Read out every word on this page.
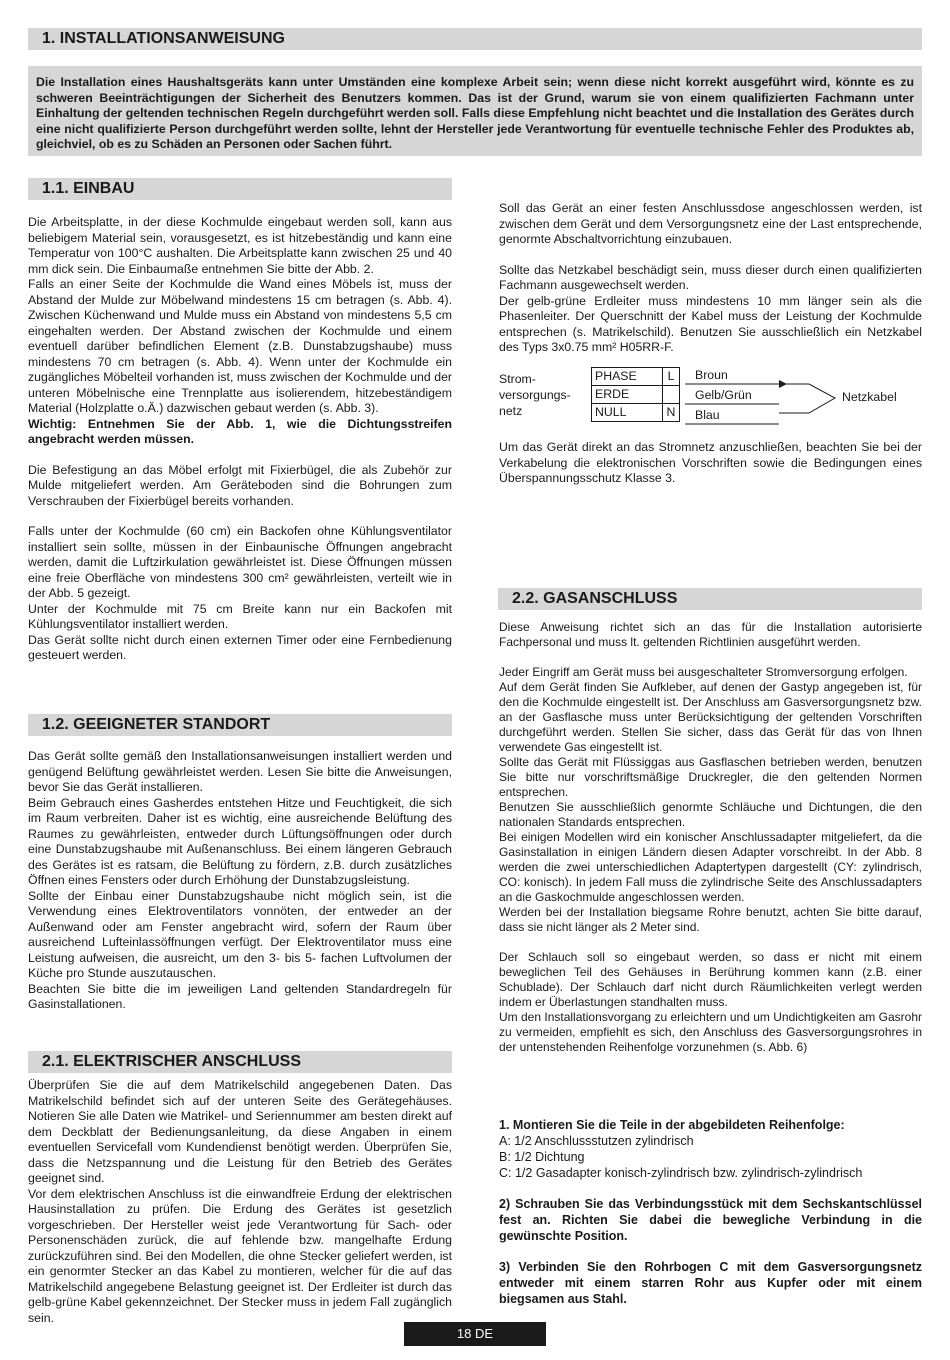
1. INSTALLATIONSANWEISUNG
Die Installation eines Haushaltsgeräts kann unter Umständen eine komplexe Arbeit sein; wenn diese nicht korrekt ausgeführt wird, könnte es zu schweren Beeinträchtigungen der Sicherheit des Benutzers kommen. Das ist der Grund, warum sie von einem qualifizierten Fachmann unter Einhaltung der geltenden technischen Regeln durchgeführt werden soll. Falls diese Empfehlung nicht beachtet und die Installation des Gerätes durch eine nicht qualifizierte Person durchgeführt werden sollte, lehnt der Hersteller jede Verantwortung für eventuelle technische Fehler des Produktes ab, gleichviel, ob es zu Schäden an Personen oder Sachen führt.
1.1. EINBAU

Die Arbeitsplatte, in der diese Kochmulde eingebaut werden soll, kann aus beliebigem Material sein, vorausgesetzt, es ist hitzebeständig und kann eine Temperatur von 100°C aushalten. Die Arbeitsplatte kann zwischen 25 und 40 mm dick sein. Die Einbaumaße entnehmen Sie bitte der Abb. 2.

Falls an einer Seite der Kochmulde die Wand eines Möbels ist, muss der Abstand der Mulde zur Möbelwand mindestens 15 cm betragen (s. Abb. 4). Zwischen Küchenwand und Mulde muss ein Abstand von mindestens 5,5 cm eingehalten werden. Der Abstand zwischen der Kochmulde und einem eventuell darüber befindlichen Element (z.B. Dunstabzugshaube) muss mindestens 70 cm betragen (s. Abb. 4). Wenn unter der Kochmulde ein zugängliches Möbelteil vorhanden ist, muss zwischen der Kochmulde und der unteren Möbelnische eine Trennplatte aus isolierendem, hitzebeständigem Material (Holzplatte o.Ä.) dazwischen gebaut werden (s. Abb. 3).

Wichtig: Entnehmen Sie der Abb. 1, wie die Dichtungsstreifen angebracht werden müssen.

Die Befestigung an das Möbel erfolgt mit Fixierbügel, die als Zubehör zur Mulde mitgeliefert werden. Am Geräteboden sind die Bohrungen zum Verschrauben der Fixierbügel bereits vorhanden.

Falls unter der Kochmulde (60 cm) ein Backofen ohne Kühlungsventilator installiert sein sollte, müssen in der Einbaunische Öffnungen angebracht werden, damit die Luftzirkulation gewährleistet ist. Diese Öffnungen müssen eine freie Oberfläche von mindestens 300 cm² gewährleisten, verteilt wie in der Abb. 5 gezeigt.

Unter der Kochmulde mit 75 cm Breite kann nur ein Backofen mit Kühlungsventilator installiert werden.

Das Gerät sollte nicht durch einen externen Timer oder eine Fernbedienung gesteuert werden.

1.2. GEEIGNETER STANDORT

Das Gerät sollte gemäß den Installationsanweisungen installiert werden und genügend Belüftung gewährleistet werden. Lesen Sie bitte die Anweisungen, bevor Sie das Gerät installieren.

Beim Gebrauch eines Gasherdes entstehen Hitze und Feuchtigkeit, die sich im Raum verbreiten. Daher ist es wichtig, eine ausreichende Belüftung des Raumes zu gewährleisten, entweder durch Lüftungsöffnungen oder durch eine Dunstabzugshaube mit Außenanschluss. Bei einem längeren Gebrauch des Gerätes ist es ratsam, die Belüftung zu fördern, z.B. durch zusätzliches Öffnen eines Fensters oder durch Erhöhung der Dunstabzugsleistung.

Sollte der Einbau einer Dunstabzugshaube nicht möglich sein, ist die Verwendung eines Elektroventilators vonnöten, der entweder an der Außenwand oder am Fenster angebracht wird, sofern der Raum über ausreichend Lufteinlassöffnungen verfügt. Der Elektroventilator muss eine Leistung aufweisen, die ausreicht, um den 3- bis 5- fachen Luftvolumen der Küche pro Stunde auszutauschen.

Beachten Sie bitte die im jeweiligen Land geltenden Standardregeln für Gasinstallationen.

2.1. ELEKTRISCHER ANSCHLUSS

Überprüfen Sie die auf dem Matrikelschild angegebenen Daten. Das Matrikelschild befindet sich auf der unteren Seite des Gerätegehäuses. Notieren Sie alle Daten wie Matrikel- und Seriennummer am besten direkt auf dem Deckblatt der Bedienungsanleitung, da diese Angaben in einem eventuellen Servicefall vom Kundendienst benötigt werden. Überprüfen Sie, dass die Netzspannung und die Leistung für den Betrieb des Gerätes geeignet sind.

Vor dem elektrischen Anschluss ist die einwandfreie Erdung der elektrischen Hausinstallation zu prüfen. Die Erdung des Gerätes ist gesetzlich vorgeschrieben. Der Hersteller weist jede Verantwortung für Sach- oder Personenschäden zurück, die auf fehlende bzw. mangelhafte Erdung zurückzuführen sind. Bei den Modellen, die ohne Stecker geliefert werden, ist ein genormter Stecker an das Kabel zu montieren, welcher für die auf das Matrikelschild angegebene Belastung geeignet ist. Der Erdleiter ist durch das gelb-grüne Kabel gekennzeichnet. Der Stecker muss in jedem Fall zugänglich sein.

Soll das Gerät an einer festen Anschlussdose angeschlossen werden, ist zwischen dem Gerät und dem Versorgungsnetz eine der Last entsprechende, genormte Abschaltvorrichtung einzubauen.

Sollte das Netzkabel beschädigt sein, muss dieser durch einen qualifizierten Fachmann ausgewechselt werden.

Der gelb-grüne Erdleiter muss mindestens 10 mm länger sein als die Phasenleiter. Der Querschnitt der Kabel muss der Leistung der Kochmulde entsprechen (s. Matrikelschild). Benutzen Sie ausschließlich ein Netzkabel des Typs 3x0.75 mm² H05RR-F.

Strom-
versorgungs-
netz
PHASE	L
ERDE	
NULL	N
Broun
Gelb/Grün
Blau
Netzkabel

Um das Gerät direkt an das Stromnetz anzuschließen, beachten Sie bei der Verkabelung die elektronischen Vorschriften sowie die Bedingungen eines Überspannungsschutz Klasse 3.

2.2. GASANSCHLUSS

Diese Anweisung richtet sich an das für die Installation autorisierte Fachpersonal und muss lt. geltenden Richtlinien ausgeführt werden.

Jeder Eingriff am Gerät muss bei ausgeschalteter Stromversorgung erfolgen.

Auf dem Gerät finden Sie Aufkleber, auf denen der Gastyp angegeben ist, für den die Kochmulde eingestellt ist. Der Anschluss am Gasversorgungsnetz bzw. an der Gasflasche muss unter Berücksichtigung der geltenden Vorschriften durchgeführt werden. Stellen Sie sicher, dass das Gerät für das von Ihnen verwendete Gas eingestellt ist.

Sollte das Gerät mit Flüssiggas aus Gasflaschen betrieben werden, benutzen Sie bitte nur vorschriftsmäßige Druckregler, die den geltenden Normen entsprechen.

Benutzen Sie ausschließlich genormte Schläuche und Dichtungen, die den nationalen Standards entsprechen.

Bei einigen Modellen wird ein konischer Anschlussadapter mitgeliefert, da die Gasinstallation in einigen Ländern diesen Adapter vorschreibt. In der Abb. 8 werden die zwei unterschiedlichen Adaptertypen dargestellt (CY: zylindrisch, CO: konisch). In jedem Fall muss die zylindrische Seite des Anschlussadapters an die Gaskochmulde angeschlossen werden.

Werden bei der Installation biegsame Rohre benutzt, achten Sie bitte darauf, dass sie nicht länger als 2 Meter sind.

Der Schlauch soll so eingebaut werden, so dass er nicht mit einem beweglichen Teil des Gehäuses in Berührung kommen kann (z.B. einer Schublade). Der Schlauch darf nicht durch Räumlichkeiten verlegt werden indem er Überlastungen standhalten muss.

Um den Installationsvorgang zu erleichtern und um Undichtigkeiten am Gasrohr zu vermeiden, empfiehlt es sich, den Anschluss des Gasversorgungsrohres in der untenstehenden Reihenfolge vorzunehmen (s. Abb. 6)

1. Montieren Sie die Teile in der abgebildeten Reihenfolge:

A: 1/2 Anschlussstutzen zylindrisch

B: 1/2 Dichtung

C: 1/2 Gasadapter konisch-zylindrisch bzw. zylindrisch-zylindrisch

2) Schrauben Sie das Verbindungsstück mit dem Sechskantschlüssel fest an. Richten Sie dabei die bewegliche Verbindung in die gewünschte Position.

3) Verbinden Sie den Rohrbogen C mit dem Gasversorgungsnetz entweder mit einem starren Rohr aus Kupfer oder mit einem biegsamen aus Stahl.

18 DE
